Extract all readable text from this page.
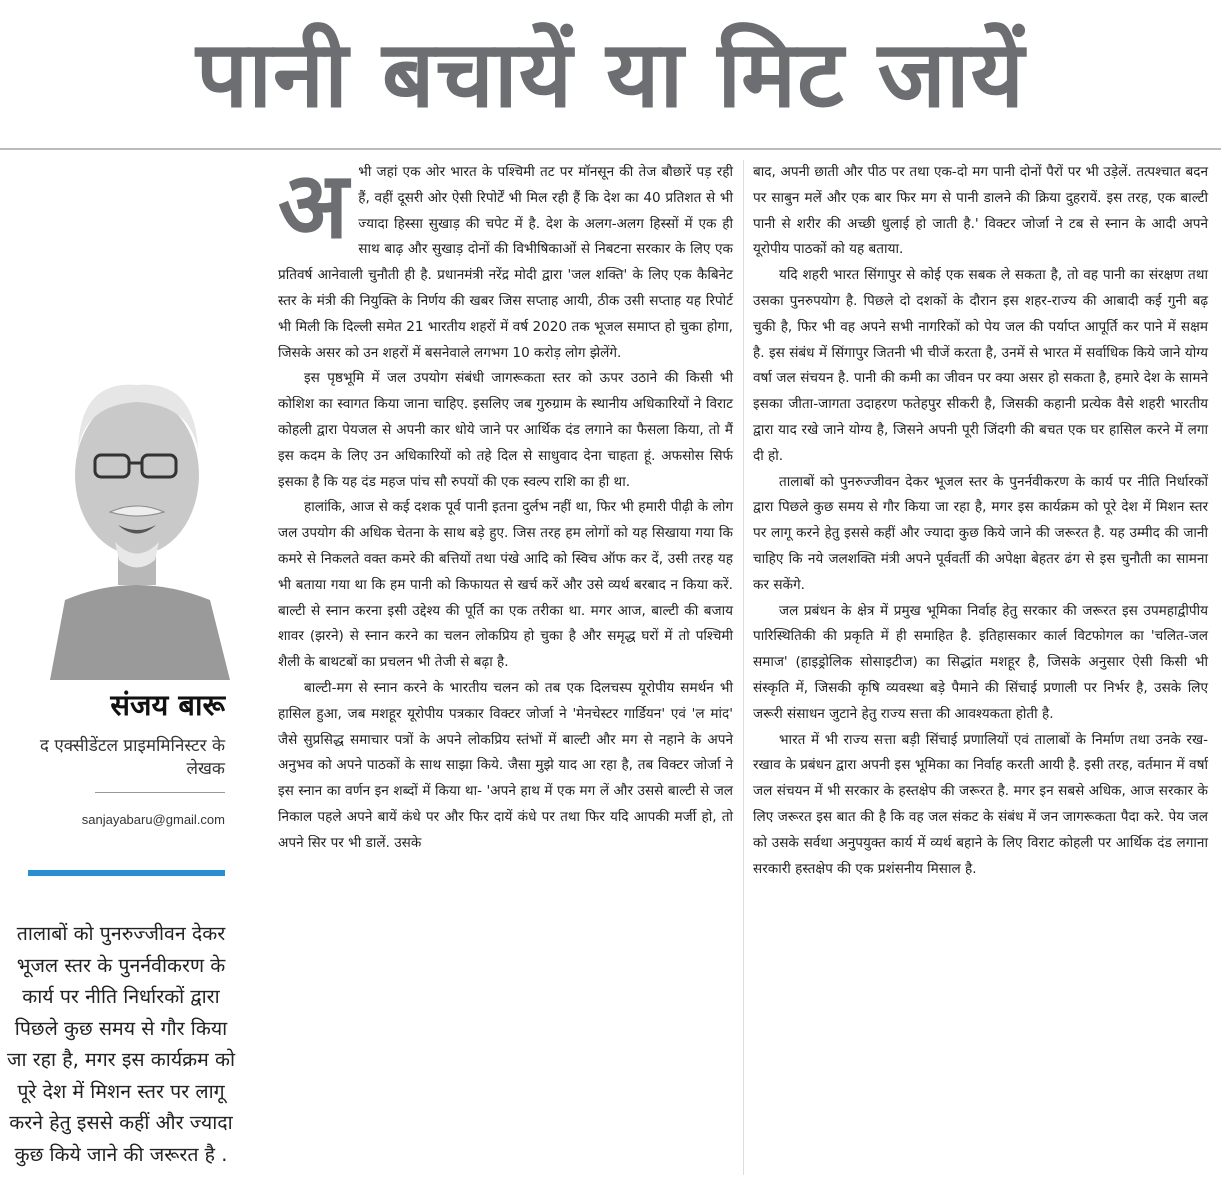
पानी बचायें या मिट जायें
संजय बारू
द एक्सीडेंटल प्राइममिनिस्टर के लेखक
sanjayabaru@gmail.com
तालाबों को पुनरुज्जीवन देकर भूजल स्तर के पुनर्नवीकरण के कार्य पर नीति निर्धारकों द्वारा पिछले कुछ समय से गौर किया जा रहा है, मगर इस कार्यक्रम को पूरे देश में मिशन स्तर पर लागू करने हेतु इससे कहीं और ज्यादा कुछ किये जाने की जरूरत है .

अभी जहां एक ओर भारत के पश्चिमी तट पर मॉनसून की तेज बौछारें पड़ रही हैं, वहीं दूसरी ओर ऐसी रिपोर्टें भी मिल रही हैं कि देश का 40 प्रतिशत से भी ज्यादा हिस्सा सुखाड़ की चपेट में है. देश के अलग-अलग हिस्सों में एक ही साथ बाढ़ और सुखाड़ दोनों की विभीषिकाओं से निबटना सरकार के लिए एक प्रतिवर्ष आनेवाली चुनौती ही है. प्रधानमंत्री नरेंद्र मोदी द्वारा 'जल शक्ति' के लिए एक कैबिनेट स्तर के मंत्री की नियुक्ति के निर्णय की खबर जिस सप्ताह आयी, ठीक उसी सप्ताह यह रिपोर्ट भी मिली कि दिल्ली समेत 21 भारतीय शहरों में वर्ष 2020 तक भूजल समाप्त हो चुका होगा, जिसके असर को उन शहरों में बसनेवाले लगभग 10 करोड़ लोग झेलेंगे.

इस पृष्ठभूमि में जल उपयोग संबंधी जागरूकता स्तर को ऊपर उठाने की किसी भी कोशिश का स्वागत किया जाना चाहिए. इसलिए जब गुरुग्राम के स्थानीय अधिकारियों ने विराट कोहली द्वारा पेयजल से अपनी कार धोये जाने पर आर्थिक दंड लगाने का फैसला किया, तो मैं इस कदम के लिए उन अधिकारियों को तहे दिल से साधुवाद देना चाहता हूं. अफसोस सिर्फ इसका है कि यह दंड महज पांच सौ रुपयों की एक स्वल्प राशि का ही था.

हालांकि, आज से कई दशक पूर्व पानी इतना दुर्लभ नहीं था, फिर भी हमारी पीढ़ी के लोग जल उपयोग की अधिक चेतना के साथ बड़े हुए. जिस तरह हम लोगों को यह सिखाया गया कि कमरे से निकलते वक्त कमरे की बत्तियों तथा पंखे आदि को स्विच ऑफ कर दें, उसी तरह यह भी बताया गया था कि हम पानी को किफायत से खर्च करें और उसे व्यर्थ बरबाद न किया करें. बाल्टी से स्नान करना इसी उद्देश्य की पूर्ति का एक तरीका था. मगर आज, बाल्टी की बजाय शावर (झरने) से स्नान करने का चलन लोकप्रिय हो चुका है और समृद्ध घरों में तो पश्चिमी शैली के बाथटबों का प्रचलन भी तेजी से बढ़ा है.

बाल्टी-मग से स्नान करने के भारतीय चलन को तब एक दिलचस्प यूरोपीय समर्थन भी हासिल हुआ, जब मशहूर यूरोपीय पत्रकार विक्टर जोर्जा ने 'मेनचेस्टर गार्डियन' एवं 'ल मांद' जैसे सुप्रसिद्ध समाचार पत्रों के अपने लोकप्रिय स्तंभों में बाल्टी और मग से नहाने के अपने अनुभव को अपने पाठकों के साथ साझा किये. जैसा मुझे याद आ रहा है, तब विक्टर जोर्जा ने इस स्नान का वर्णन इन शब्दों में किया था- 'अपने हाथ में एक मग लें और उससे बाल्टी से जल निकाल पहले अपने बायें कंधे पर और फिर दायें कंधे पर तथा फिर यदि आपकी मर्जी हो, तो अपने सिर पर भी डालें. उसके

बाद, अपनी छाती और पीठ पर तथा एक-दो मग पानी दोनों पैरों पर भी उड़ेलें. तत्पश्चात बदन पर साबुन मलें और एक बार फिर मग से पानी डालने की क्रिया दुहरायें. इस तरह, एक बाल्टी पानी से शरीर की अच्छी धुलाई हो जाती है.' विक्टर जोर्जा ने टब से स्नान के आदी अपने यूरोपीय पाठकों को यह बताया.

यदि शहरी भारत सिंगापुर से कोई एक सबक ले सकता है, तो वह पानी का संरक्षण तथा उसका पुनरुपयोग है. पिछले दो दशकों के दौरान इस शहर-राज्य की आबादी कई गुनी बढ़ चुकी है, फिर भी वह अपने सभी नागरिकों को पेय जल की पर्याप्त आपूर्ति कर पाने में सक्षम है. इस संबंध में सिंगापुर जितनी भी चीजें करता है, उनमें से भारत में सर्वाधिक किये जाने योग्य वर्षा जल संचयन है. पानी की कमी का जीवन पर क्या असर हो सकता है, हमारे देश के सामने इसका जीता-जागता उदाहरण फतेहपुर सीकरी है, जिसकी कहानी प्रत्येक वैसे शहरी भारतीय द्वारा याद रखे जाने योग्य है, जिसने अपनी पूरी जिंदगी की बचत एक घर हासिल करने में लगा दी हो.

तालाबों को पुनरुज्जीवन देकर भूजल स्तर के पुनर्नवीकरण के कार्य पर नीति निर्धारकों द्वारा पिछले कुछ समय से गौर किया जा रहा है, मगर इस कार्यक्रम को पूरे देश में मिशन स्तर पर लागू करने हेतु इससे कहीं और ज्यादा कुछ किये जाने की जरूरत है. यह उम्मीद की जानी चाहिए कि नये जलशक्ति मंत्री अपने पूर्ववर्ती की अपेक्षा बेहतर ढंग से इस चुनौती का सामना कर सकेंगे.

जल प्रबंधन के क्षेत्र में प्रमुख भूमिका निर्वाह हेतु सरकार की जरूरत इस उपमहाद्वीपीय पारिस्थितिकी की प्रकृति में ही समाहित है. इतिहासकार कार्ल विटफोगल का 'चलित-जल समाज' (हाइड्रोलिक सोसाइटीज) का सिद्धांत मशहूर है, जिसके अनुसार ऐसी किसी भी संस्कृति में, जिसकी कृषि व्यवस्था बड़े पैमाने की सिंचाई प्रणाली पर निर्भर है, उसके लिए जरूरी संसाधन जुटाने हेतु राज्य सत्ता की आवश्यकता होती है.

भारत में भी राज्य सत्ता बड़ी सिंचाई प्रणालियों एवं तालाबों के निर्माण तथा उनके रख-रखाव के प्रबंधन द्वारा अपनी इस भूमिका का निर्वाह करती आयी है. इसी तरह, वर्तमान में वर्षा जल संचयन में भी सरकार के हस्तक्षेप की जरूरत है. मगर इन सबसे अधिक, आज सरकार के लिए जरूरत इस बात की है कि वह जल संकट के संबंध में जन जागरूकता पैदा करे. पेय जल को उसके सर्वथा अनुपयुक्त कार्य में व्यर्थ बहाने के लिए विराट कोहली पर आर्थिक दंड लगाना सरकारी हस्तक्षेप की एक प्रशंसनीय मिसाल है.
